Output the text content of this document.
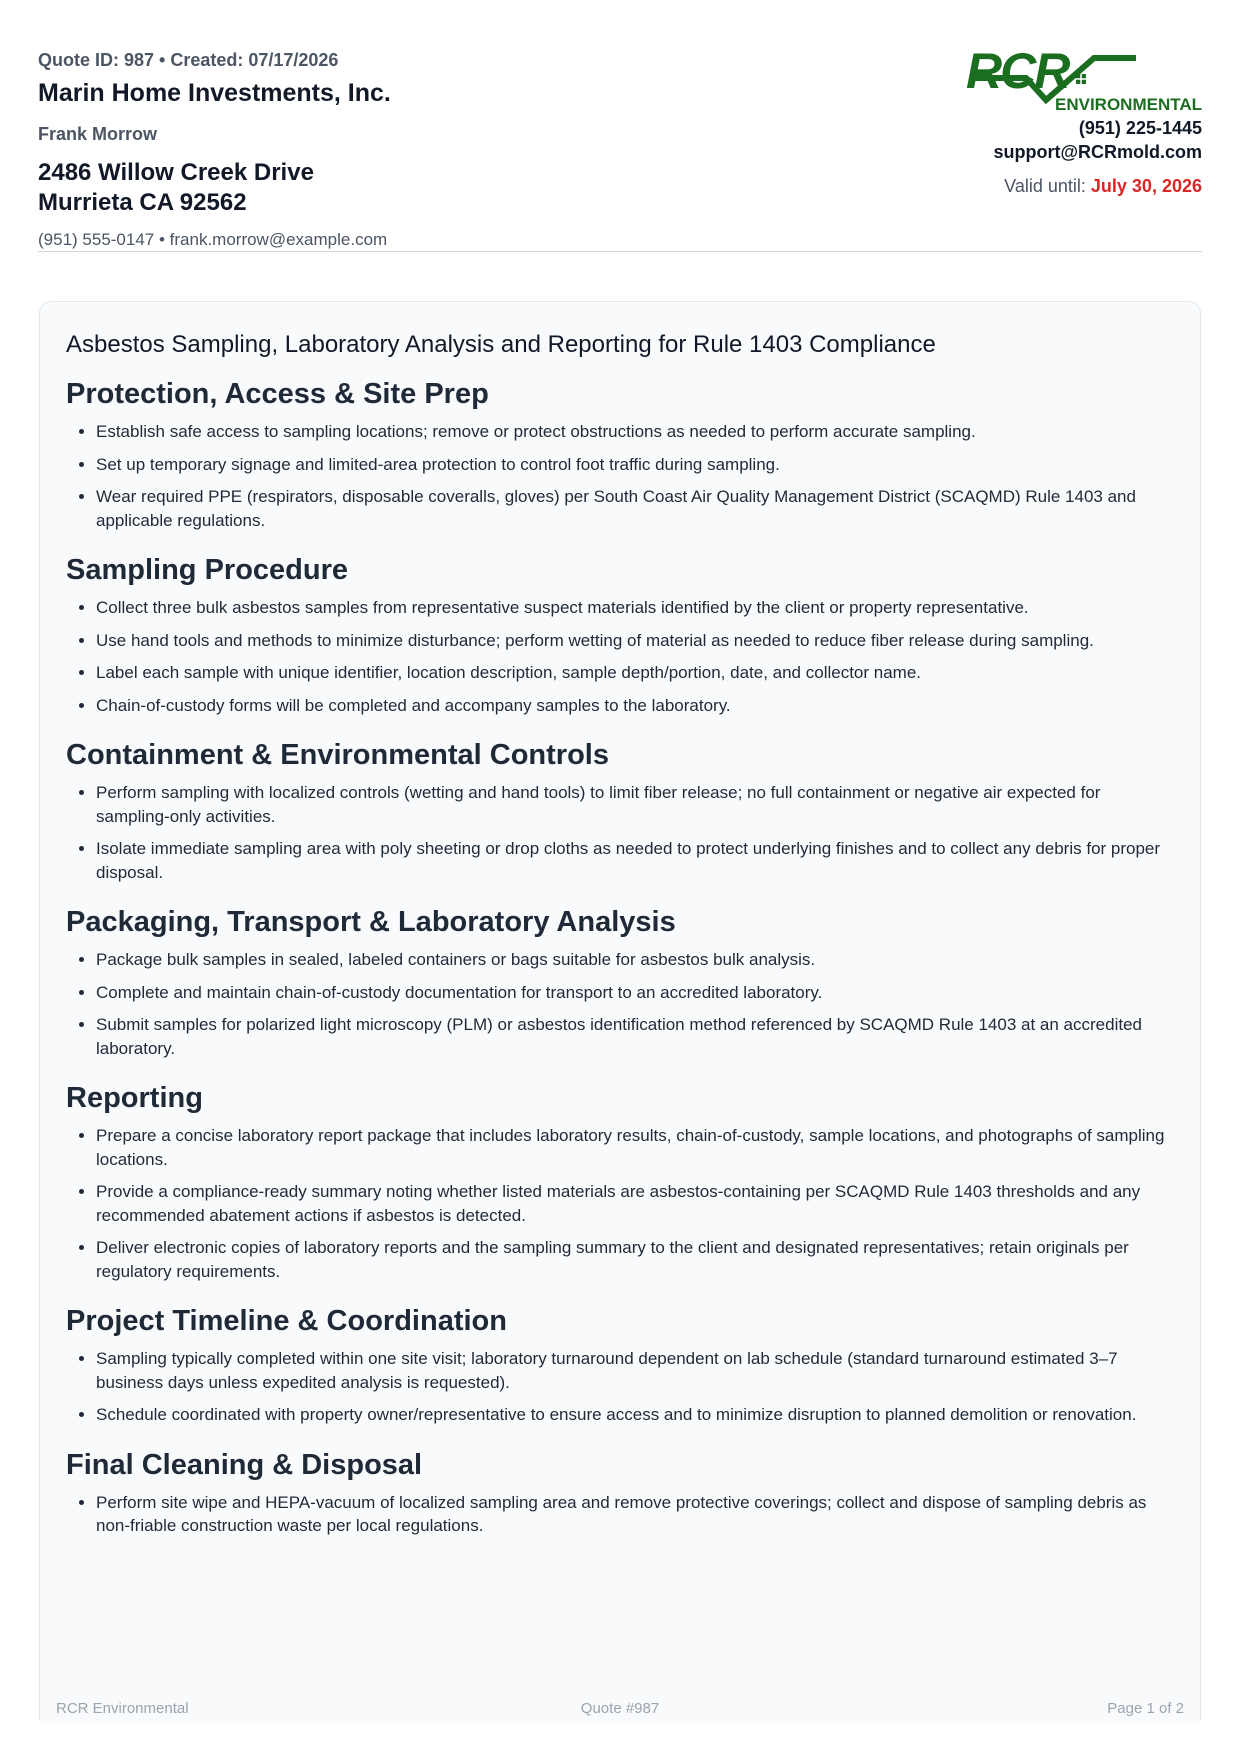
Quote ID: 987 • Created: 07/17/2026
Marin Home Investments, Inc.
Frank Morrow
2486 Willow Creek Drive
Murrieta CA 92562
(951) 555-0147 • frank.morrow@example.com
RCR
ENVIRONMENTAL
(951) 225-1445
support@RCRmold.com
Valid until: July 30, 2026
Asbestos Sampling, Laboratory Analysis and Reporting for Rule 1403 Compliance
Protection, Access & Site Prep
• Establish safe access to sampling locations; remove or protect obstructions as needed to perform accurate sampling.
• Set up temporary signage and limited-area protection to control foot traffic during sampling.
• Wear required PPE (respirators, disposable coveralls, gloves) per South Coast Air Quality Management District (SCAQMD) Rule 1403 and applicable regulations.
Sampling Procedure
• Collect three bulk asbestos samples from representative suspect materials identified by the client or property representative.
• Use hand tools and methods to minimize disturbance; perform wetting of material as needed to reduce fiber release during sampling.
• Label each sample with unique identifier, location description, sample depth/portion, date, and collector name.
• Chain-of-custody forms will be completed and accompany samples to the laboratory.
Containment & Environmental Controls
• Perform sampling with localized controls (wetting and hand tools) to limit fiber release; no full containment or negative air expected for sampling-only activities.
• Isolate immediate sampling area with poly sheeting or drop cloths as needed to protect underlying finishes and to collect any debris for proper disposal.
Packaging, Transport & Laboratory Analysis
• Package bulk samples in sealed, labeled containers or bags suitable for asbestos bulk analysis.
• Complete and maintain chain-of-custody documentation for transport to an accredited laboratory.
• Submit samples for polarized light microscopy (PLM) or asbestos identification method referenced by SCAQMD Rule 1403 at an accredited laboratory.
Reporting
• Prepare a concise laboratory report package that includes laboratory results, chain-of-custody, sample locations, and photographs of sampling locations.
• Provide a compliance-ready summary noting whether listed materials are asbestos-containing per SCAQMD Rule 1403 thresholds and any recommended abatement actions if asbestos is detected.
• Deliver electronic copies of laboratory reports and the sampling summary to the client and designated representatives; retain originals per regulatory requirements.
Project Timeline & Coordination
• Sampling typically completed within one site visit; laboratory turnaround dependent on lab schedule (standard turnaround estimated 3–7 business days unless expedited analysis is requested).
• Schedule coordinated with property owner/representative to ensure access and to minimize disruption to planned demolition or renovation.
Final Cleaning & Disposal
• Perform site wipe and HEPA-vacuum of localized sampling area and remove protective coverings; collect and dispose of sampling debris as non-friable construction waste per local regulations.
RCR Environmental	Quote #987	Page 1 of 2
